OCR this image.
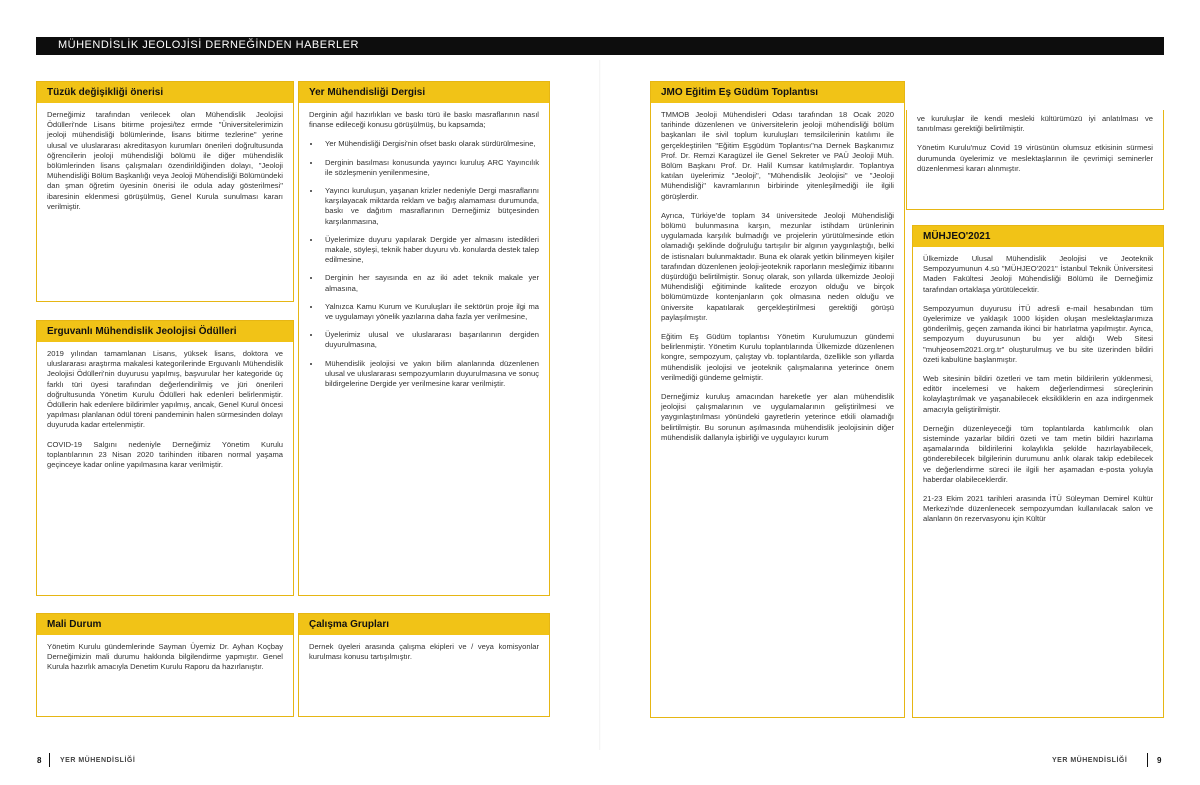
MÜHENDİSLİK JEOLOJİSİ DERNEĞİNDEN HABERLER
Tüzük değişikliği önerisi

Derneğimiz tarafından verilecek olan Mühendislik Jeolojisi Ödülleri'nde Lisans bitirme projesi/tez ermde "Üniversitelerimizin jeoloji mühendisliği bölümlerinde, lisans bitirme tezlerine" yerine ulusal ve uluslararası akreditasyon kurumları önerileri doğrultusunda öğrencilerin jeoloji mühendisliği bölümü ile diğer mühendislik bölümlerinden lisans çalışmaları özendirildiğinden dolayı, "Jeoloji Mühendisliği Bölüm Başkanlığı veya Jeoloji Mühendisliği Bölümündeki dan şman öğretim üyesinin önerisi ile odula aday gösterilmesi" ibaresinin eklenmesi görüşülmüş, Genel Kurula sunulması kararı verilmiştir.

Erguvanlı Mühendislik Jeolojisi Ödülleri

2019 yılından tamamlanan Lisans, yüksek lisans, doktora ve uluslararası araştırma makalesi kategorilerinde Erguvanlı Mühendislik Jeolojisi Ödülleri'nin duyurusu yapılmış, başvurular her kategoride üç farklı türi üyesi tarafından değerlendirilmiş ve jüri önerileri doğrultusunda Yönetim Kurulu Ödülleri hak edenleri belirlenmiştir. Ödüllerin hak edenlere bildirimler yapılmış, ancak, Genel Kurul öncesi yapılması planlanan ödül töreni pandeminin halen sürmesinden dolayı duyuruda kadar ertelenmiştir.

COVID-19 Salgını nedeniyle Derneğimiz Yönetim Kurulu toplantılarının 23 Nisan 2020 tarihinden itibaren normal yaşama geçinceye kadar online yapılmasına karar verilmiştir.

Mali Durum

Yönetim Kurulu gündemlerinde Sayman Üyemiz Dr. Ayhan Koçbay Derneğimizin mali durumu hakkında bilgilendirme yapmıştır. Genel Kurula hazırlık amacıyla Denetim Kurulu Raporu da hazırlanıştır.

Yer Mühendisliği Dergisi

Derginin ağıl hazırlıkları ve baskı türü ile baskı masraflarının nasıl finanse edileceği konusu görüşülmüş, bu kapsamda;

• Yer Mühendisliği Dergisi'nin ofset baskı olarak sürdürülmesine,
• Derginin basılması konusunda yayıncı kuruluş ARC Yayıncılık ile sözleşmenin yenilenmesine,
• Yayıncı kuruluşun, yaşanan krizler nedeniyle Dergi masraflarını karşılayacak miktarda reklam ve bağış alamaması durumunda, baskı ve dağıtım masraflarının Derneğimiz bütçesinden karşılanmasına,
• Üyelerimize duyuru yapılarak Dergide yer almasını istedikleri makale, söyleşi, teknik haber duyuru vb. konularda destek talep edilmesine,
• Derginin her sayısında en az iki adet teknik makale yer almasına,
• Yalnızca Kamu Kurum ve Kuruluşları ile sektörün proje ilgi ma ve uygulamayı yönelik yazılarına daha fazla yer verilmesine,
• Üyelerimiz ulusal ve uluslararası başarılarının dergiden duyurulmasına,
• Mühendislik jeolojisi ve yakın bilim alanlarında düzenlenen ulusal ve uluslararası sempozyumların duyurulmasına ve sonuç bildirgelerine Dergide yer verilmesine karar verilmiştir.
Çalışma Grupları

Dernek üyeleri arasında çalışma ekipleri ve / veya komisyonlar kurulması konusu tartışılmıştır.

JMO Eğitim Eş Güdüm Toplantısı

TMMOB Jeoloji Mühendisleri Odası tarafından 18 Ocak 2020 tarihinde düzenlenen ve üniversitelerin jeoloji mühendisliği bölüm başkanları ile sivil toplum kuruluşları temsilcilerinin katılımı ile gerçekleştirilen "Eğitim Eşgüdüm Toplantısı"na Dernek Başkanımız Prof. Dr. Remzi Karagüzel ile Genel Sekreter ve PAÜ Jeoloji Müh. Bölüm Başkanı Prof. Dr. Halil Kumsar katılmışlardır. Toplantıya katılan üyelerimiz "Jeoloji", "Mühendislik Jeolojisi" ve "Jeoloji Mühendisliği" kavramlarının birbirinde yitenleşilmediği ile ilgili görüşlerdir.

Ayrıca, Türkiye'de toplam 34 üniversitede Jeoloji Mühendisliği bölümü bulunmasına karşın, mezunlar istihdam ürünlerinin uygulamada karşılık bulmadığı ve projelerin yürütülmesinde etkin olamadığı şeklinde doğruluğu tartışılır bir algının yaygınlaştığı, belki de istisnaları bulunmaktadır. Buna ek olarak yetkin bilinmeyen kişiler tarafından düzenlenen jeoloji-jeoteknik raporların mesleğimiz itibarını düşürdüğü belirtilmiştir. Sonuç olarak, son yıllarda ülkemizde Jeoloji Mühendisliği eğitiminde kalitede erozyon olduğu ve birçok bölümümüzde kontenjanların çok olmasına neden olduğu ve üniversite kapatılarak gerçekleştirilmesi gerektiği görüşü paylaşılmıştır.

Eğitim Eş Güdüm toplantısı Yönetim Kurulumuzun gündemi belirlenmiştir. Yönetim Kurulu toplantılarında Ülkemizde düzenlenen kongre, sempozyum, çalıştay vb. toplantılarda, özellikle son yıllarda mühendislik jeolojisi ve jeoteknik çalışmalarına yeterince önem verilmediği gündeme gelmiştir.

Derneğimiz kuruluş amacından hareketle yer alan mühendislik jeolojisi çalışmalarının ve uygulamalarının geliştirilmesi ve yaygınlaştırılması yönündeki gayretlerin yeterince etkili olamadığı belirtilmiştir. Bu sorunun aşılmasında mühendislik jeolojisinin diğer mühendislik dallarıyla işbirliği ve uygulayıcı kurum

ve kuruluşlar ile kendi mesleki kültürümüzü iyi anlatılması ve tanıtılması gerektiği belirtilmiştir.

Yönetim Kurulu'muz Covid 19 virüsünün olumsuz etkisinin sürmesi durumunda üyelerimiz ve meslektaşlarının ile çevrimiçi seminerler düzenlenmesi kararı alınmıştır.

MÜHJEO'2021

Ülkemizde Ulusal Mühendislik Jeolojisi ve Jeoteknik Sempozyumunun 4.sü "MÜHJEO'2021" İstanbul Teknik Üniversitesi Maden Fakültesi Jeoloji Mühendisliği Bölümü ile Derneğimiz tarafından ortaklaşa yürütülecektir.

Sempozyumun duyurusu İTÜ adresli e-mail hesabından tüm üyelerimize ve yaklaşık 1000 kişiden oluşan meslektaşlarımıza gönderilmiş, geçen zamanda ikinci bir hatırlatma yapılmıştır. Ayrıca, sempozyum duyurusunun bu yer aldığı Web Sitesi "muhjeosem2021.org.tr" oluşturulmuş ve bu site üzerinden bildiri özeti kabulüne başlanmıştır.

Web sitesinin bildiri özetleri ve tam metin bildirilerin yüklenmesi, editör incelemesi ve hakem değerlendirmesi süreçlerinin kolaylaştırılmak ve yaşanabilecek eksikliklerin en aza indirgenmek amacıyla geliştirilmiştir.

Derneğin düzenleyeceği tüm toplantılarda katılımcılık olan sisteminde yazarlar bildiri özeti ve tam metin bildiri hazırlama aşamalarında bildirilerini kolaylıkla şekilde hazırlayabilecek, gönderebilecek bilgilerinin durumunu anlık olarak takip edebilecek ve değerlendirme süreci ile ilgili her aşamadan e-posta yoluyla haberdar olabileceklerdir.

21-23 Ekim 2021 tarihleri arasında İTÜ Süleyman Demirel Kültür Merkezi'nde düzenlenecek sempozyumdan kullanılacak salon ve alanların ön rezervasyonu için Kültür

8	YER MÜHENDİSLİĞİ	YER MÜHENDİSLİĞİ	9
